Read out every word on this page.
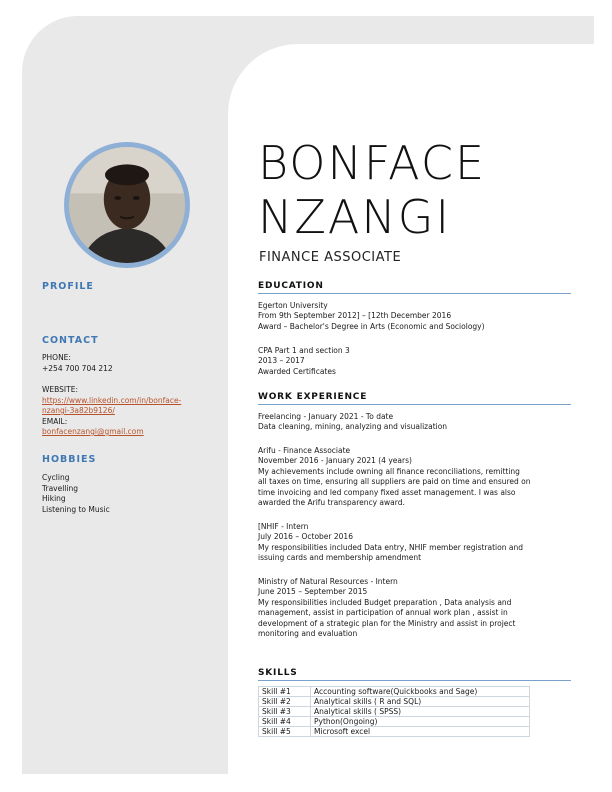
PROFILE
CONTACT
PHONE:
+254 700 704 212
WEBSITE:
https://www.linkedin.com/in/bonface-
nzangi-3a82b9126/
EMAIL:
bonfacenzangi@gmail.com
HOBBIES
Cycling
Travelling
Hiking
Listening to Music
BONFACE
NZANGI
FINANCE ASSOCIATE
EDUCATION
Egerton University
From 9th September 2012] – [12th December 2016
Award – Bachelor's Degree in Arts (Economic and Sociology)
CPA Part 1 and section 3
2013 – 2017
Awarded Certificates
WORK EXPERIENCE
Freelancing - January 2021 - To date
Data cleaning, mining, analyzing and visualization
Arifu - Finance Associate
November 2016 - January 2021 (4 years)
My achievements include owning all finance reconciliations, remitting
all taxes on time, ensuring all suppliers are paid on time and ensured on
time invoicing and led company fixed asset management. I was also
awarded the Arifu transparency award.
[NHIF - Intern
July 2016 – October 2016
My responsibilities included Data entry, NHIF member registration and
issuing cards and membership amendment
Ministry of Natural Resources - Intern
June 2015 – September 2015
My responsibilities included Budget preparation , Data analysis and
management, assist in participation of annual work plan , assist in
development of a strategic plan for the Ministry and assist in project
monitoring and evaluation
SKILLS
Skill #1	Accounting software(Quickbooks and Sage)
Skill #2	Analytical skills ( R and SQL)
Skill #3	Analytical skills ( SPSS)
Skill #4	Python(Ongoing)
Skill #5	Microsoft excel
